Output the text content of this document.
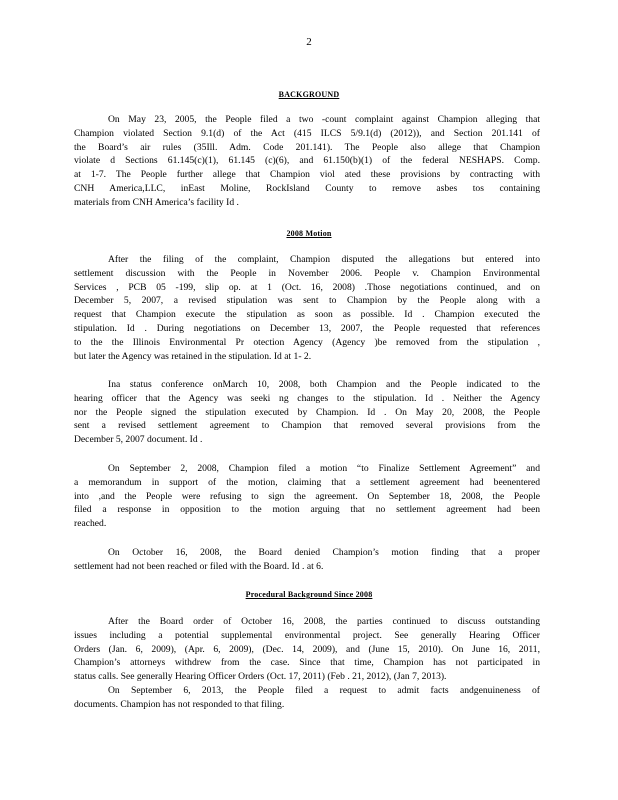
2
BACKGROUND
On May 23, 2005, the People filed a two -count complaint against Champion alleging that
Champion violated Section 9.1(d) of the Act (415 ILCS 5/9.1(d) (2012)), and Section 201.141 of
the Board’s air rules (35Ill. Adm. Code 201.141). The People also allege that Champion
violate d Sections 61.145(c)(1), 61.145 (c)(6), and 61.150(b)(1) of the federal NESHAPS. Comp.
at 1-7. The People further allege that Champion viol ated these provisions by contracting with
CNH America,LLC, inEast Moline, RockIsland County to remove asbes tos containing
materials from CNH America’s facility Id .
2008 Motion
After the filing of the complaint, Champion disputed the allegations but entered into
settlement discussion with the People in November 2006. People v. Champion Environmental
Services , PCB 05 -199, slip op. at 1 (Oct. 16, 2008) .Those negotiations continued, and on
December 5, 2007, a revised stipulation was sent to Champion by the People along with a
request that Champion execute the stipulation as soon as possible. Id . Champion executed the
stipulation. Id . During negotiations on December 13, 2007, the People requested that references
to the the Illinois Environmental Pr otection Agency (Agency )be removed from the stipulation ,
but later the Agency was retained in the stipulation. Id at 1- 2.
Ina status conference onMarch 10, 2008, both Champion and the People indicated to the
hearing officer that the Agency was seeki ng changes to the stipulation. Id . Neither the Agency
nor the People signed the stipulation executed by Champion. Id . On May 20, 2008, the People
sent a revised settlement agreement to Champion that removed several provisions from the
December 5, 2007 document. Id .
On September 2, 2008, Champion filed a motion “to Finalize Settlement Agreement” and
a memorandum in support of the motion, claiming that a settlement agreement had beenentered
into ,and the People were refusing to sign the agreement. On September 18, 2008, the People
filed a response in opposition to the motion arguing that no settlement agreement had been
reached.
On October 16, 2008, the Board denied Champion’s motion finding that a proper
settlement had not been reached or filed with the Board. Id . at 6.
Procedural Background Since 2008
After the Board order of October 16, 2008, the parties continued to discuss outstanding
issues including a potential supplemental environmental project. See generally Hearing Officer
Orders (Jan. 6, 2009), (Apr. 6, 2009), (Dec. 14, 2009), and (June 15, 2010). On June 16, 2011,
Champion’s attorneys withdrew from the case. Since that time, Champion has not participated in
status calls. See generally Hearing Officer Orders (Oct. 17, 2011) (Feb . 21, 2012), (Jan 7, 2013).
On September 6, 2013, the People filed a request to admit facts andgenuineness of
documents. Champion has not responded to that filing.
